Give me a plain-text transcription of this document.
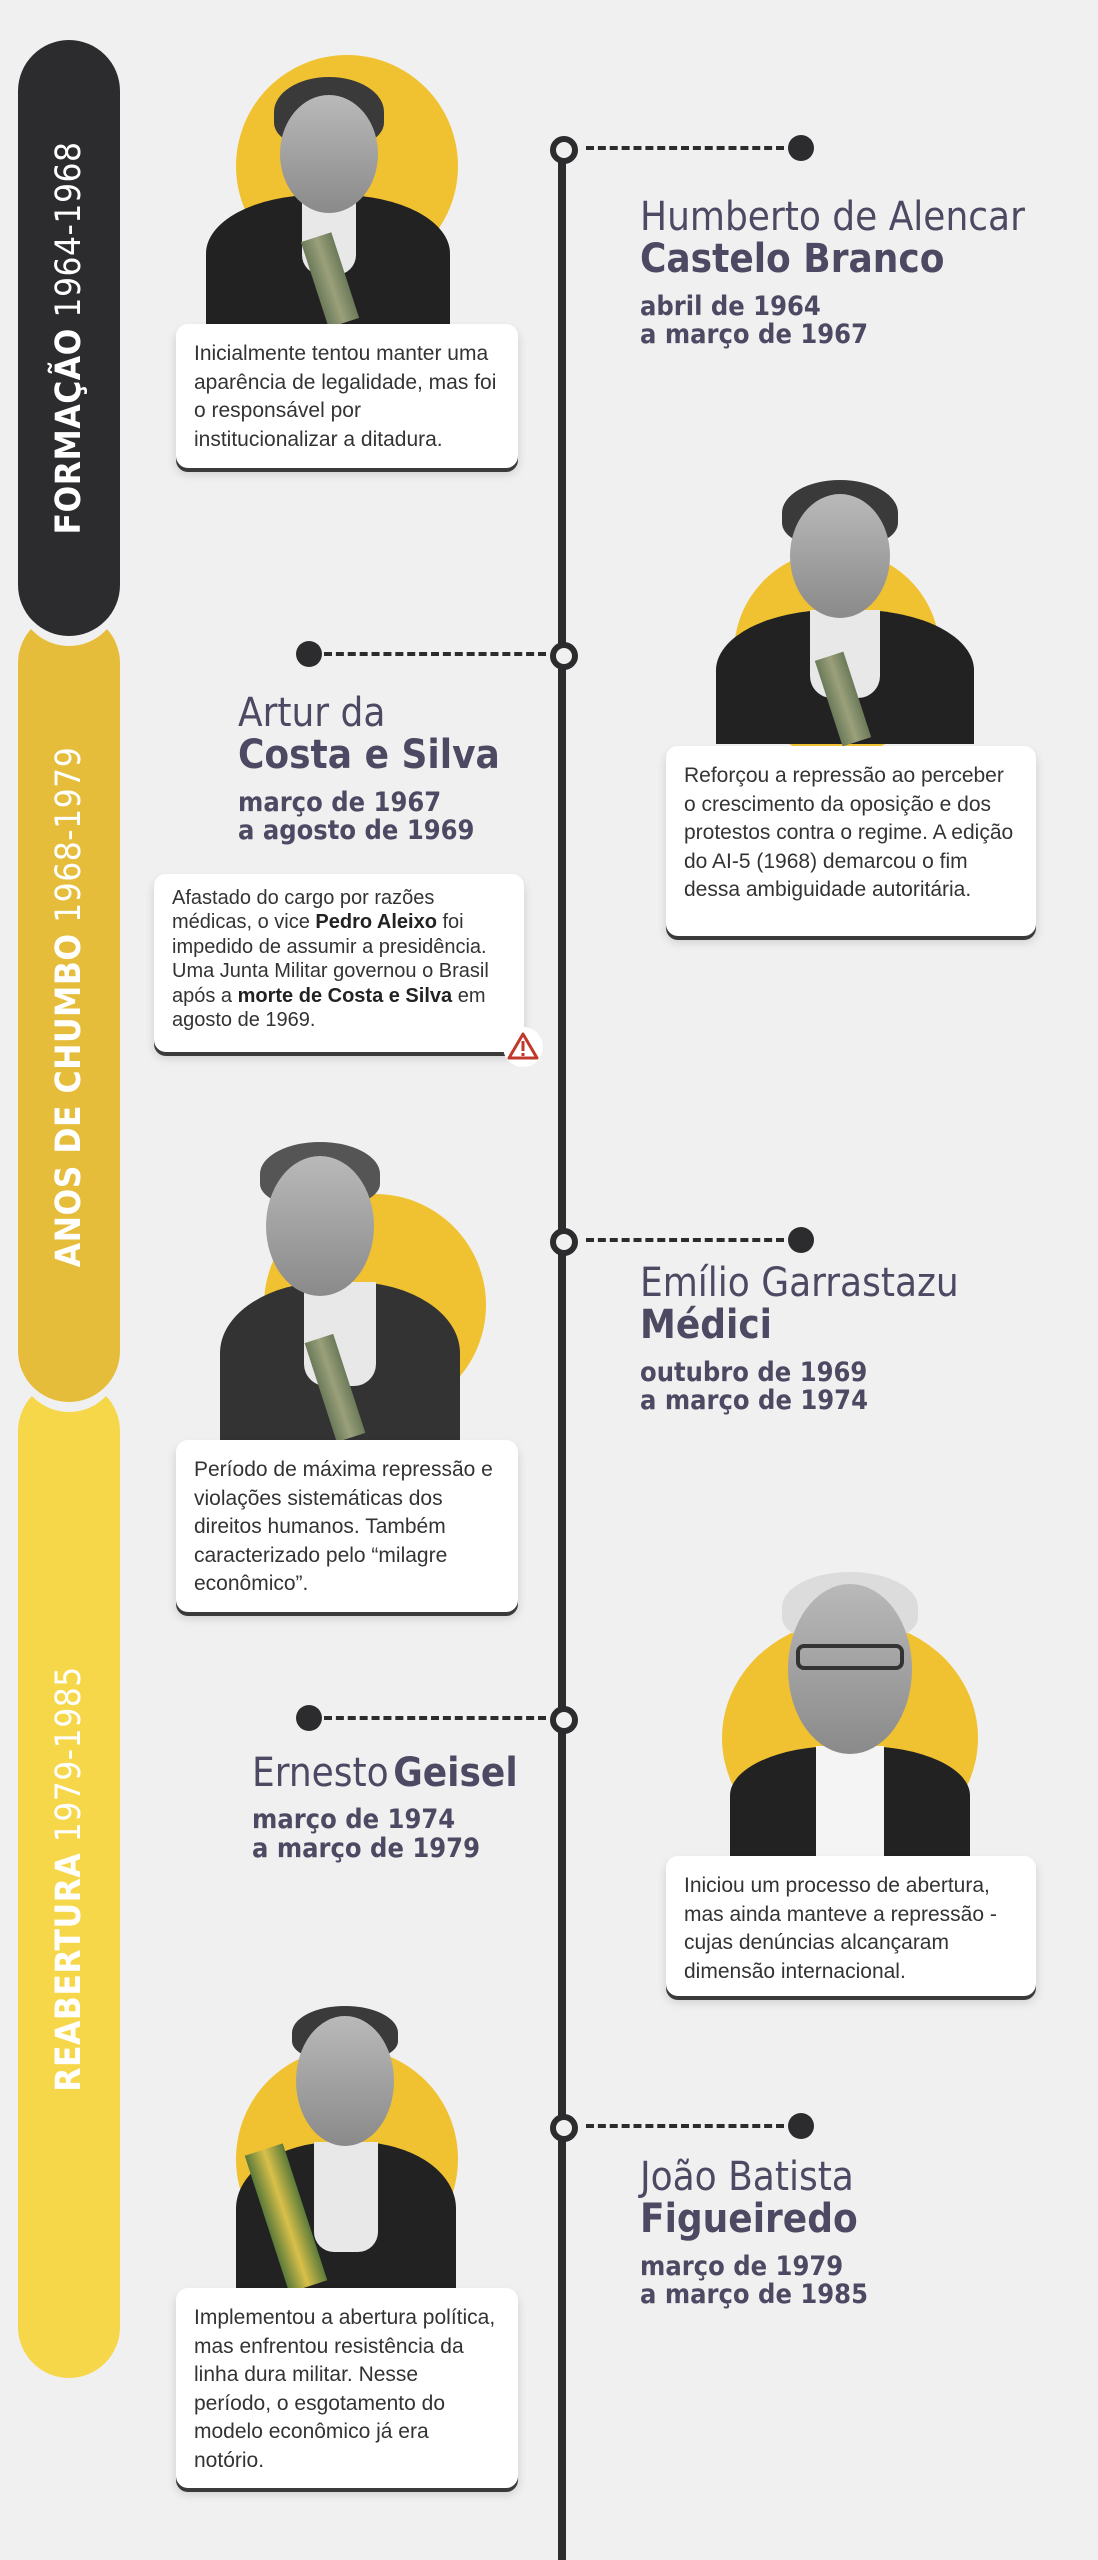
REABERTURA 1979-1985
ANOS DE CHUMBO 1968-1979
FORMAÇÃO 1964-1968
Inicialmente tentou manter uma aparência de legalidade, mas foi o responsável por institucionalizar a ditadura.
Humberto de Alencar
Castelo Branco
abril de 1964
a março de 1967
Artur da
Costa e Silva
março de 1967
a agosto de 1969
Reforçou a repressão ao perceber o crescimento da oposição e dos protestos contra o regime. A edição do AI-5 (1968) demarcou o fim dessa ambiguidade autoritária.
Afastado do cargo por razões médicas, o vice Pedro Aleixo foi impedido de assumir a presidência. Uma Junta Militar governou o Brasil após a morte de Costa e Silva em agosto de 1969.
Emílio Garrastazu
Médici
outubro de 1969
a março de 1974
Período de máxima repressão e violações sistemáticas dos direitos humanos. Também caracterizado pelo “milagre econômico”.
Ernesto Geisel
março de 1974
a março de 1979
Iniciou um processo de abertura, mas ainda manteve a repressão - cujas denúncias alcançaram dimensão internacional.
João Batista
Figueiredo
março de 1979
a março de 1985
Implementou a abertura política, mas enfrentou resistência da linha dura militar. Nesse período, o esgotamento do modelo econômico já era notório.
